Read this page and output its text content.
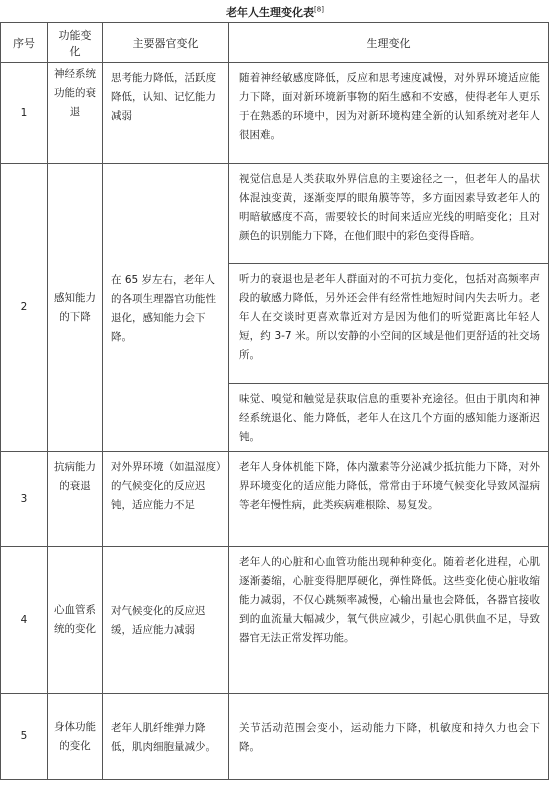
老年人生理变化表[8]
序号	功能变化	主要器官变化	生理变化
1	神经系统功能的衰退	思考能力降低，活跃度降低，认知、记忆能力减弱	随着神经敏感度降低，反应和思考速度减慢，对外界环境适应能力下降，面对新环境新事物的陌生感和不安感，使得老年人更乐于在熟悉的环境中，因为对新环境构建全新的认知系统对老年人很困难。
2	感知能力的下降	在 65 岁左右，老年人的各项生理器官功能性退化，感知能力会下降。	视觉信息是人类获取外界信息的主要途径之一，但老年人的晶状体混浊变黄，逐渐变厚的眼角膜等等，多方面因素导致老年人的明暗敏感度不高，需要较长的时间来适应光线的明暗变化；且对颜色的识别能力下降，在他们眼中的彩色变得昏暗。
			听力的衰退也是老年人群面对的不可抗力变化，包括对高频率声段的敏感力降低，另外还会伴有经常性地短时间内失去听力。老年人在交谈时更喜欢靠近对方是因为他们的听觉距离比年轻人短，约 3-7 米。所以安静的小空间的区域是他们更舒适的社交场所。
			味觉、嗅觉和触觉是获取信息的重要补充途径。但由于肌肉和神经系统退化、能力降低，老年人在这几个方面的感知能力逐渐迟钝。
3	抗病能力的衰退	对外界环境（如温湿度）的气候变化的反应迟钝，适应能力不足	老年人身体机能下降，体内激素等分泌减少抵抗能力下降，对外界环境变化的适应能力降低，常常由于环境气候变化导致风湿病等老年慢性病，此类疾病难根除、易复发。
4	心血管系统的变化	对气候变化的反应迟缓，适应能力减弱	老年人的心脏和心血管功能出现种种变化。随着老化进程，心肌逐渐萎缩，心脏变得肥厚硬化，弹性降低。这些变化使心脏收缩能力减弱，不仅心跳频率减慢，心输出量也会降低，各器官接收到的血流量大幅减少，氧气供应减少，引起心肌供血不足，导致器官无法正常发挥功能。
5	身体功能的变化	老年人肌纤维弹力降低，肌肉细胞量减少。	关节活动范围会变小，运动能力下降，机敏度和持久力也会下降。
